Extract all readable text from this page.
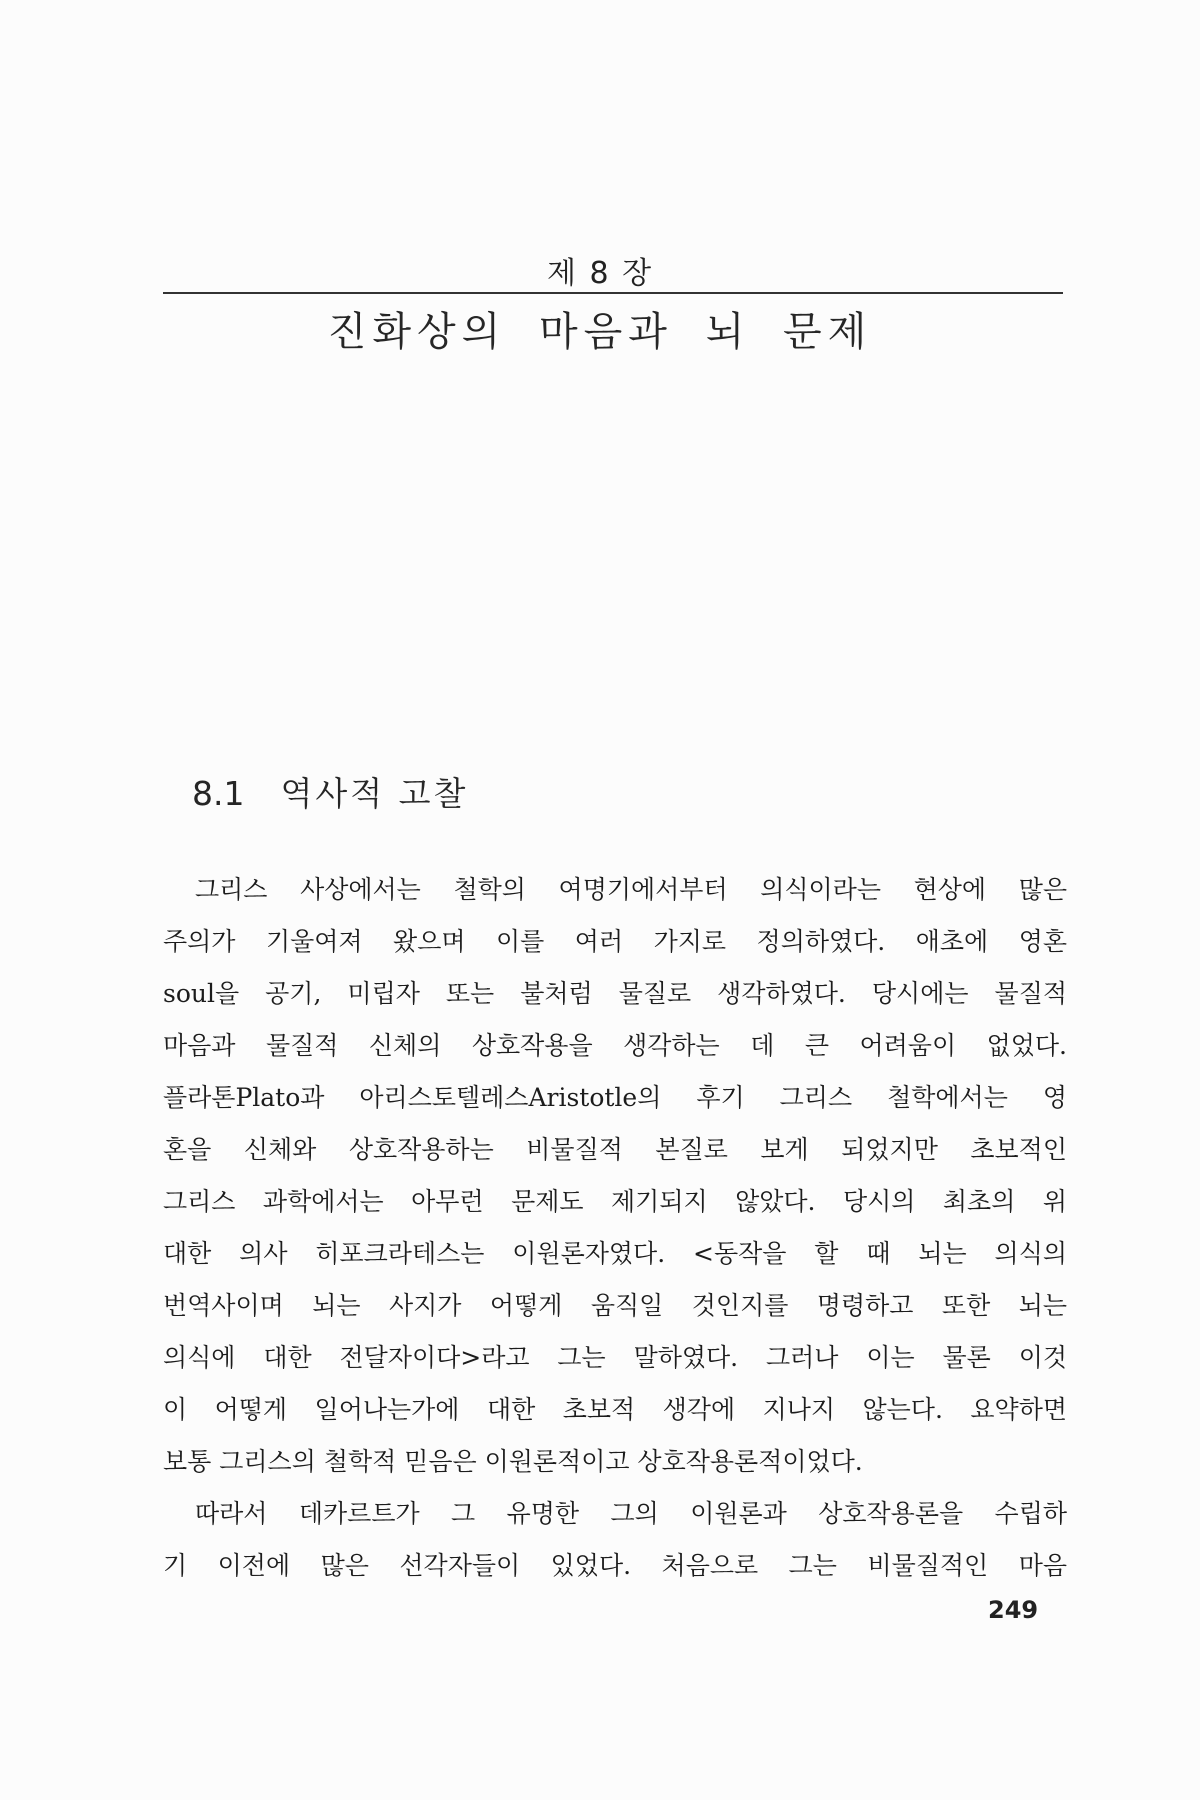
제 8 장
진화상의 마음과 뇌 문제
8.1 역사적 고찰
그리스 사상에서는 철학의 여명기에서부터 의식이라는 현상에 많은
주의가 기울여져 왔으며 이를 여러 가지로 정의하였다. 애초에 영혼
soul을 공기, 미립자 또는 불처럼 물질로 생각하였다. 당시에는 물질적
마음과 물질적 신체의 상호작용을 생각하는 데 큰 어려움이 없었다.
플라톤Plato과 아리스토텔레스Aristotle의 후기 그리스 철학에서는 영
혼을 신체와 상호작용하는 비물질적 본질로 보게 되었지만 초보적인
그리스 과학에서는 아무런 문제도 제기되지 않았다. 당시의 최초의 위
대한 의사 히포크라테스는 이원론자였다. <동작을 할 때 뇌는 의식의
번역사이며 뇌는 사지가 어떻게 움직일 것인지를 명령하고 또한 뇌는
의식에 대한 전달자이다>라고 그는 말하였다. 그러나 이는 물론 이것
이 어떻게 일어나는가에 대한 초보적 생각에 지나지 않는다. 요약하면
보통 그리스의 철학적 믿음은 이원론적이고 상호작용론적이었다.
따라서 데카르트가 그 유명한 그의 이원론과 상호작용론을 수립하
기 이전에 많은 선각자들이 있었다. 처음으로 그는 비물질적인 마음
249
